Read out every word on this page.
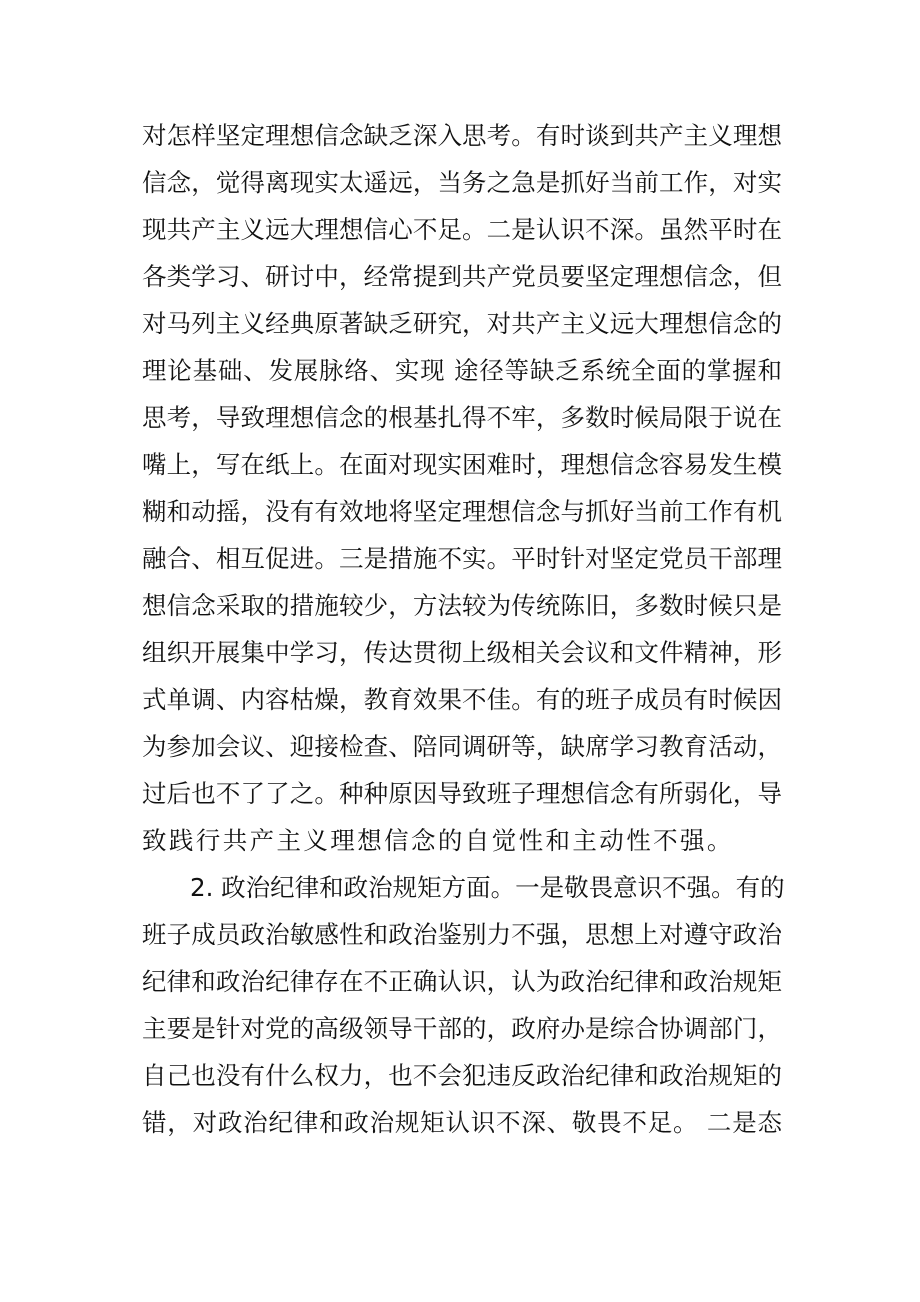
对怎样坚定理想信念缺乏深入思考。有时谈到共产主义理想
信念，觉得离现实太遥远，当务之急是抓好当前工作，对实
现共产主义远大理想信心不足。二是认识不深。虽然平时在
各类学习、研讨中，经常提到共产党员要坚定理想信念，但
对马列主义经典原著缺乏研究，对共产主义远大理想信念的
理论基础、发展脉络、实现 途径等缺乏系统全面的掌握和
思考，导致理想信念的根基扎得不牢，多数时候局限于说在
嘴上，写在纸上。在面对现实困难时，理想信念容易发生模
糊和动摇，没有有效地将坚定理想信念与抓好当前工作有机
融合、相互促进。三是措施不实。平时针对坚定党员干部理
想信念采取的措施较少，方法较为传统陈旧，多数时候只是
组织开展集中学习，传达贯彻上级相关会议和文件精神，形
式单调、内容枯燥，教育效果不佳。有的班子成员有时候因
为参加会议、迎接检查、陪同调研等，缺席学习教育活动，
过后也不了了之。种种原因导致班子理想信念有所弱化，导
致践行共产主义理想信念的自觉性和主动性不强。
2. 政治纪律和政治规矩方面。一是敬畏意识不强。有的
班子成员政治敏感性和政治鉴别力不强，思想上对遵守政治
纪律和政治纪律存在不正确认识，认为政治纪律和政治规矩
主要是针对党的高级领导干部的，政府办是综合协调部门，
自己也没有什么权力，也不会犯违反政治纪律和政治规矩的
错，对政治纪律和政治规矩认识不深、敬畏不足。 二是态
